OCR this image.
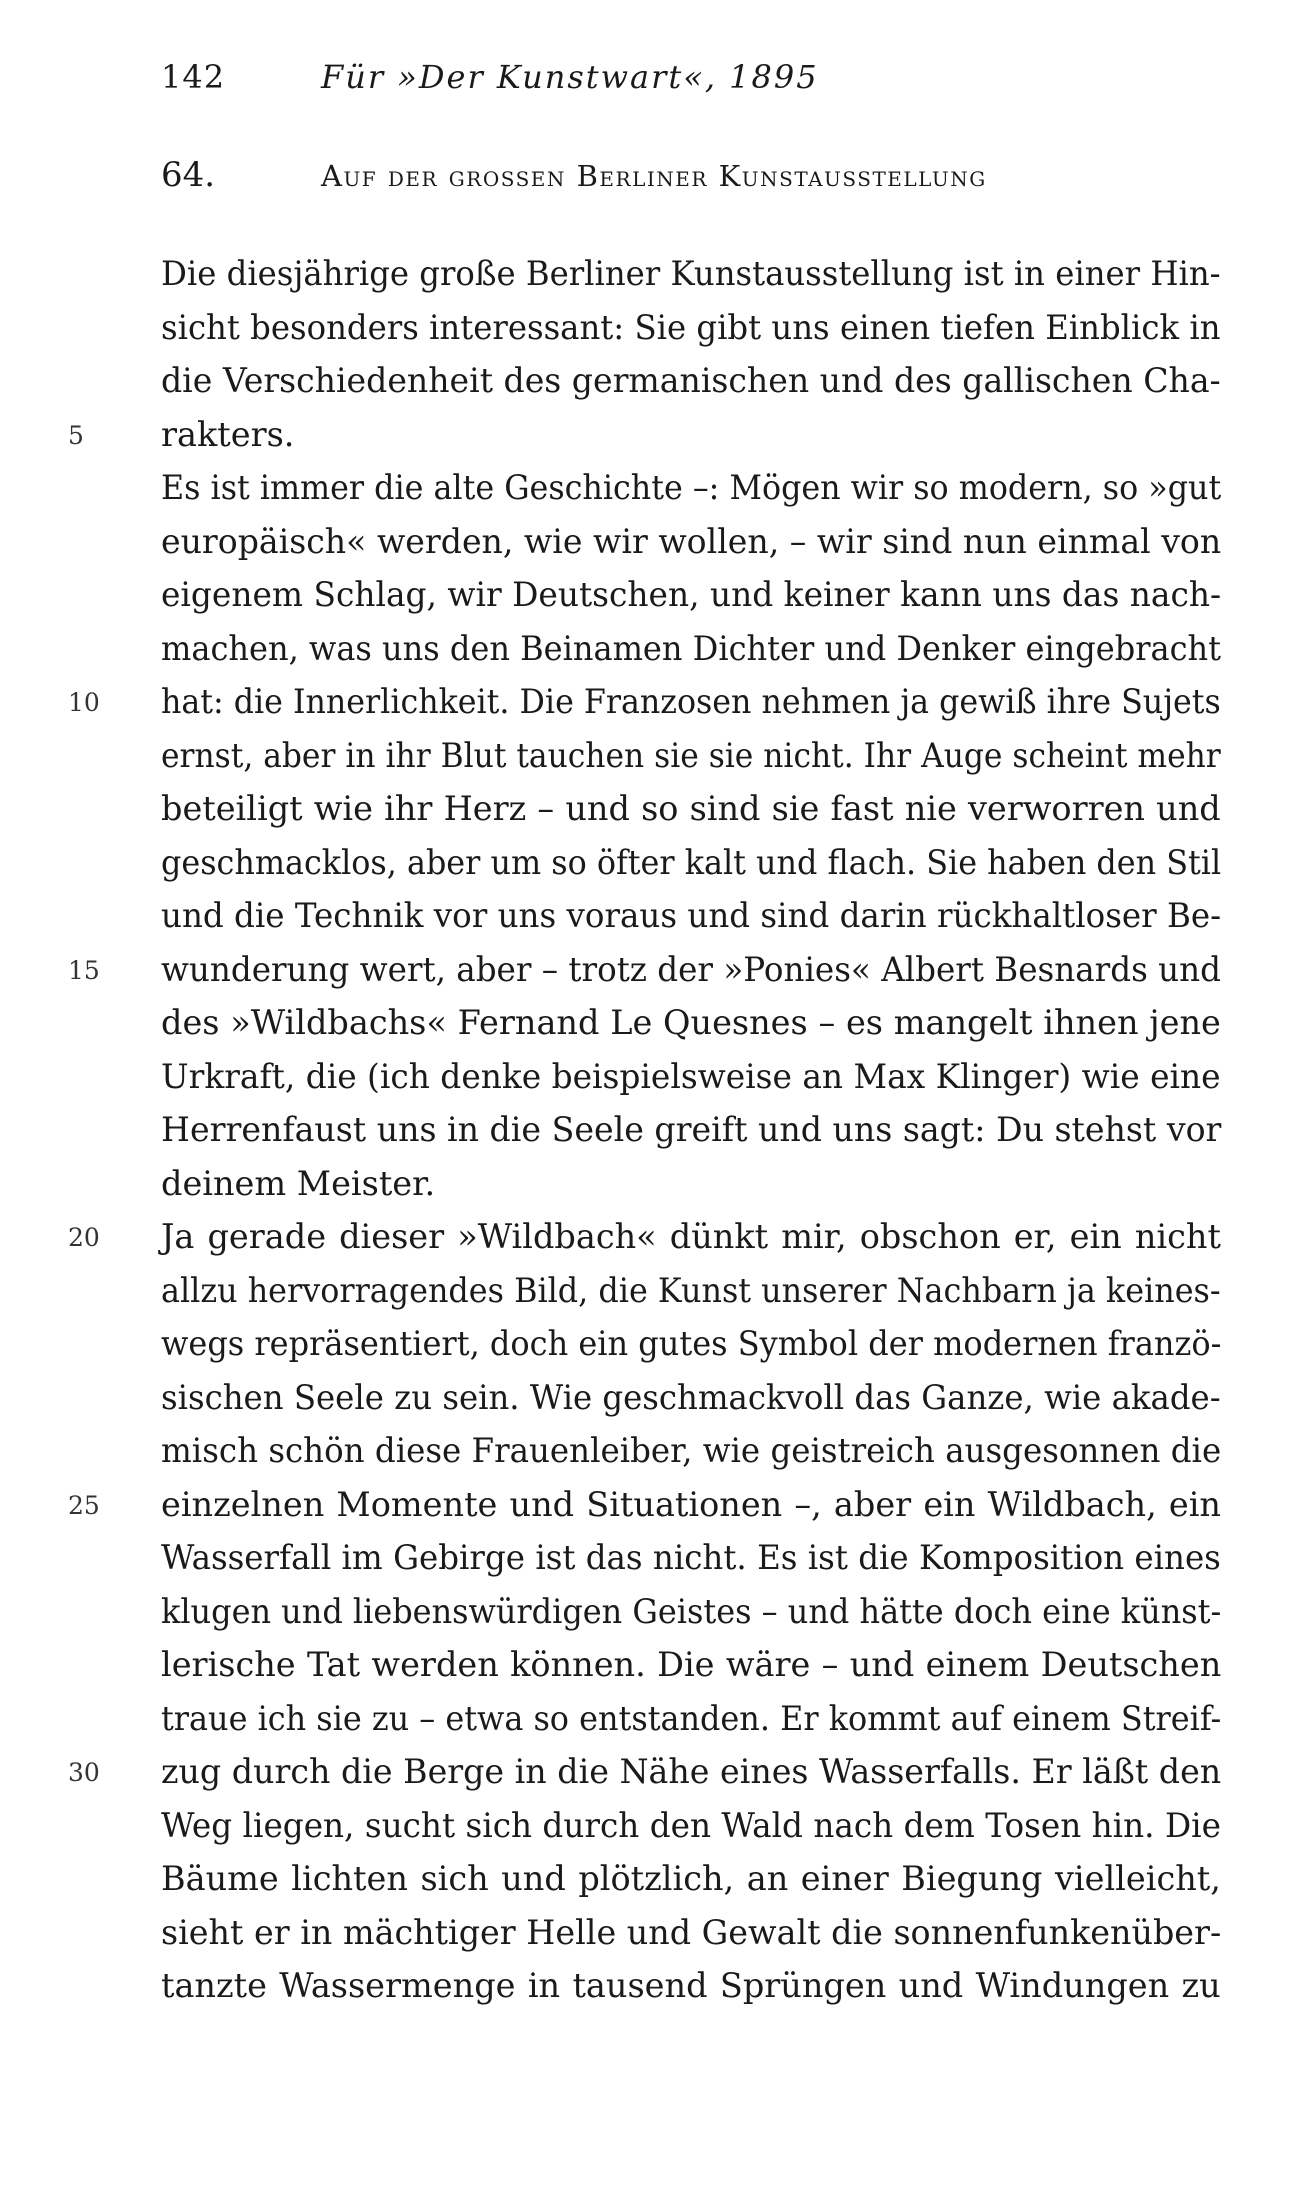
142	Für »Der Kunstwart«, 1895
64.	Auf der grossen Berliner Kunstausstellung
Die diesjährige große Berliner Kunstausstellung ist in einer Hin-
sicht besonders interessant: Sie gibt uns einen tiefen Einblick in
die Verschiedenheit des germanischen und des gallischen Cha-
5	rakters.
Es ist immer die alte Geschichte –: Mögen wir so modern, so »gut
europäisch« werden, wie wir wollen, – wir sind nun einmal von
eigenem Schlag, wir Deutschen, und keiner kann uns das nach-
machen, was uns den Beinamen Dichter und Denker eingebracht
10	hat: die Innerlichkeit. Die Franzosen nehmen ja gewiß ihre Sujets
ernst, aber in ihr Blut tauchen sie sie nicht. Ihr Auge scheint mehr
beteiligt wie ihr Herz – und so sind sie fast nie verworren und
geschmacklos, aber um so öfter kalt und flach. Sie haben den Stil
und die Technik vor uns voraus und sind darin rückhaltloser Be-
15	wunderung wert, aber – trotz der »Ponies« Albert Besnards und
des »Wildbachs« Fernand Le Quesnes – es mangelt ihnen jene
Urkraft, die (ich denke beispielsweise an Max Klinger) wie eine
Herrenfaust uns in die Seele greift und uns sagt: Du stehst vor
deinem Meister.
20	Ja gerade dieser »Wildbach« dünkt mir, obschon er, ein nicht
allzu hervorragendes Bild, die Kunst unserer Nachbarn ja keines-
wegs repräsentiert, doch ein gutes Symbol der modernen franzö-
sischen Seele zu sein. Wie geschmackvoll das Ganze, wie akade-
misch schön diese Frauenleiber, wie geistreich ausgesonnen die
25	einzelnen Momente und Situationen –, aber ein Wildbach, ein
Wasserfall im Gebirge ist das nicht. Es ist die Komposition eines
klugen und liebenswürdigen Geistes – und hätte doch eine künst-
lerische Tat werden können. Die wäre – und einem Deutschen
traue ich sie zu – etwa so entstanden. Er kommt auf einem Streif-
30	zug durch die Berge in die Nähe eines Wasserfalls. Er läßt den
Weg liegen, sucht sich durch den Wald nach dem Tosen hin. Die
Bäume lichten sich und plötzlich, an einer Biegung vielleicht,
sieht er in mächtiger Helle und Gewalt die sonnenfunkenüber-
tanzte Wassermenge in tausend Sprüngen und Windungen zu
